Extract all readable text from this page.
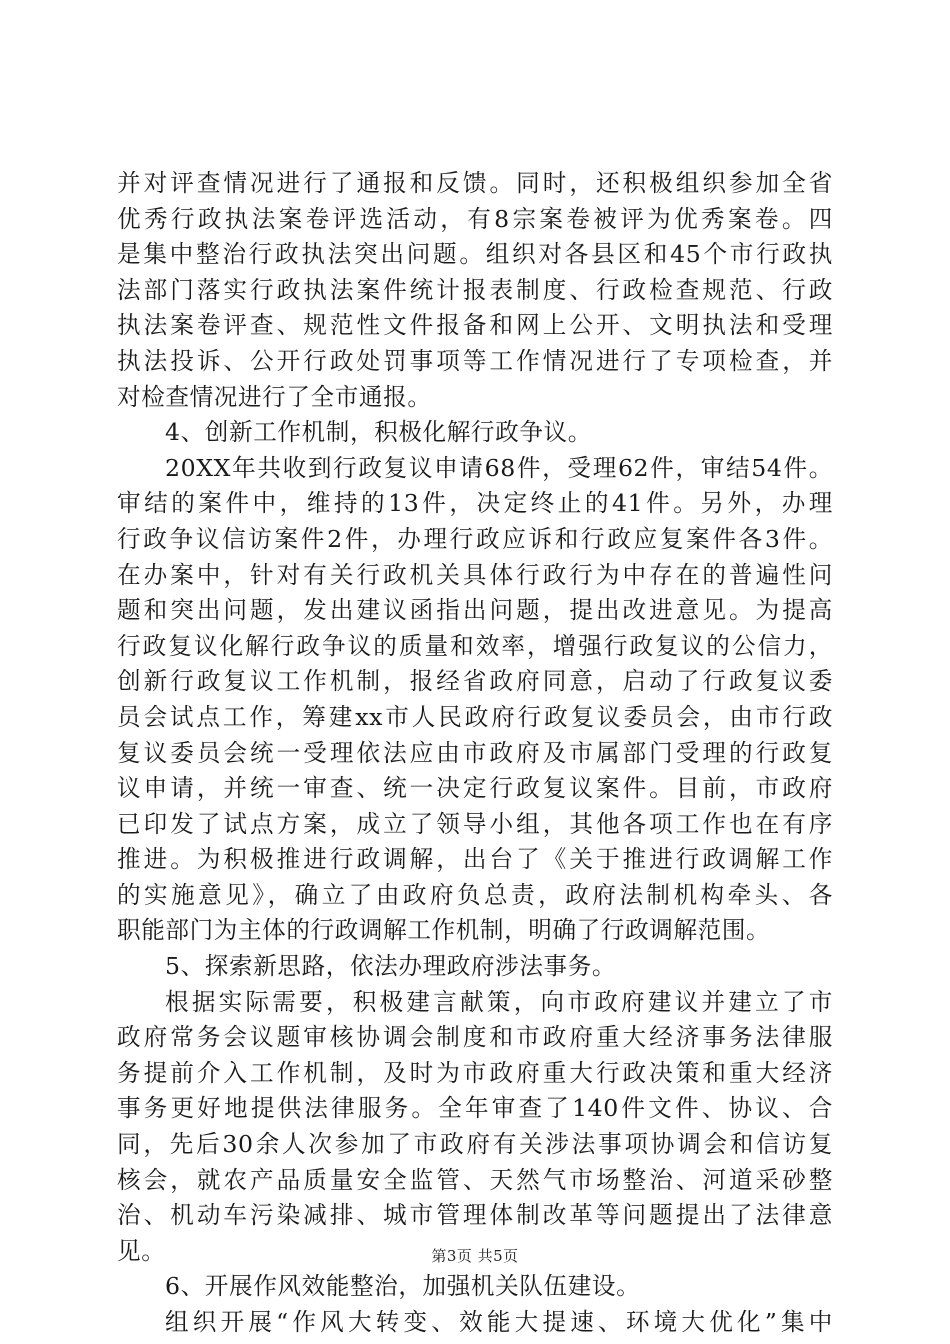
并对评查情况进行了通报和反馈。同时，还积极组织参加全省
优秀行政执法案卷评选活动，有8宗案卷被评为优秀案卷。四
是集中整治行政执法突出问题。组织对各县区和45个市行政执
法部门落实行政执法案件统计报表制度、行政检查规范、行政
执法案卷评查、规范性文件报备和网上公开、文明执法和受理
执法投诉、公开行政处罚事项等工作情况进行了专项检查，并
对检查情况进行了全市通报。
4、创新工作机制，积极化解行政争议。
20XX年共收到行政复议申请68件，受理62件，审结54件。
审结的案件中，维持的13件，决定终止的41件。另外，办理
行政争议信访案件2件，办理行政应诉和行政应复案件各3件。
在办案中，针对有关行政机关具体行政行为中存在的普遍性问
题和突出问题，发出建议函指出问题，提出改进意见。为提高
行政复议化解行政争议的质量和效率，增强行政复议的公信力，
创新行政复议工作机制，报经省政府同意，启动了行政复议委
员会试点工作，筹建xx市人民政府行政复议委员会，由市行政
复议委员会统一受理依法应由市政府及市属部门受理的行政复
议申请，并统一审查、统一决定行政复议案件。目前，市政府
已印发了试点方案，成立了领导小组，其他各项工作也在有序
推进。为积极推进行政调解，出台了《关于推进行政调解工作
的实施意见》，确立了由政府负总责，政府法制机构牵头、各
职能部门为主体的行政调解工作机制，明确了行政调解范围。
5、探索新思路，依法办理政府涉法事务。
根据实际需要，积极建言献策，向市政府建议并建立了市
政府常务会议题审核协调会制度和市政府重大经济事务法律服
务提前介入工作机制，及时为市政府重大行政决策和重大经济
事务更好地提供法律服务。全年审查了140件文件、协议、合
同，先后30余人次参加了市政府有关涉法事项协调会和信访复
核会，就农产品质量安全监管、天然气市场整治、河道采砂整
治、机动车污染减排、城市管理体制改革等问题提出了法律意
见。
6、开展作风效能整治，加强机关队伍建设。
组织开展“作风大转变、效能大提速、环境大优化”集中
第3页 共5页
